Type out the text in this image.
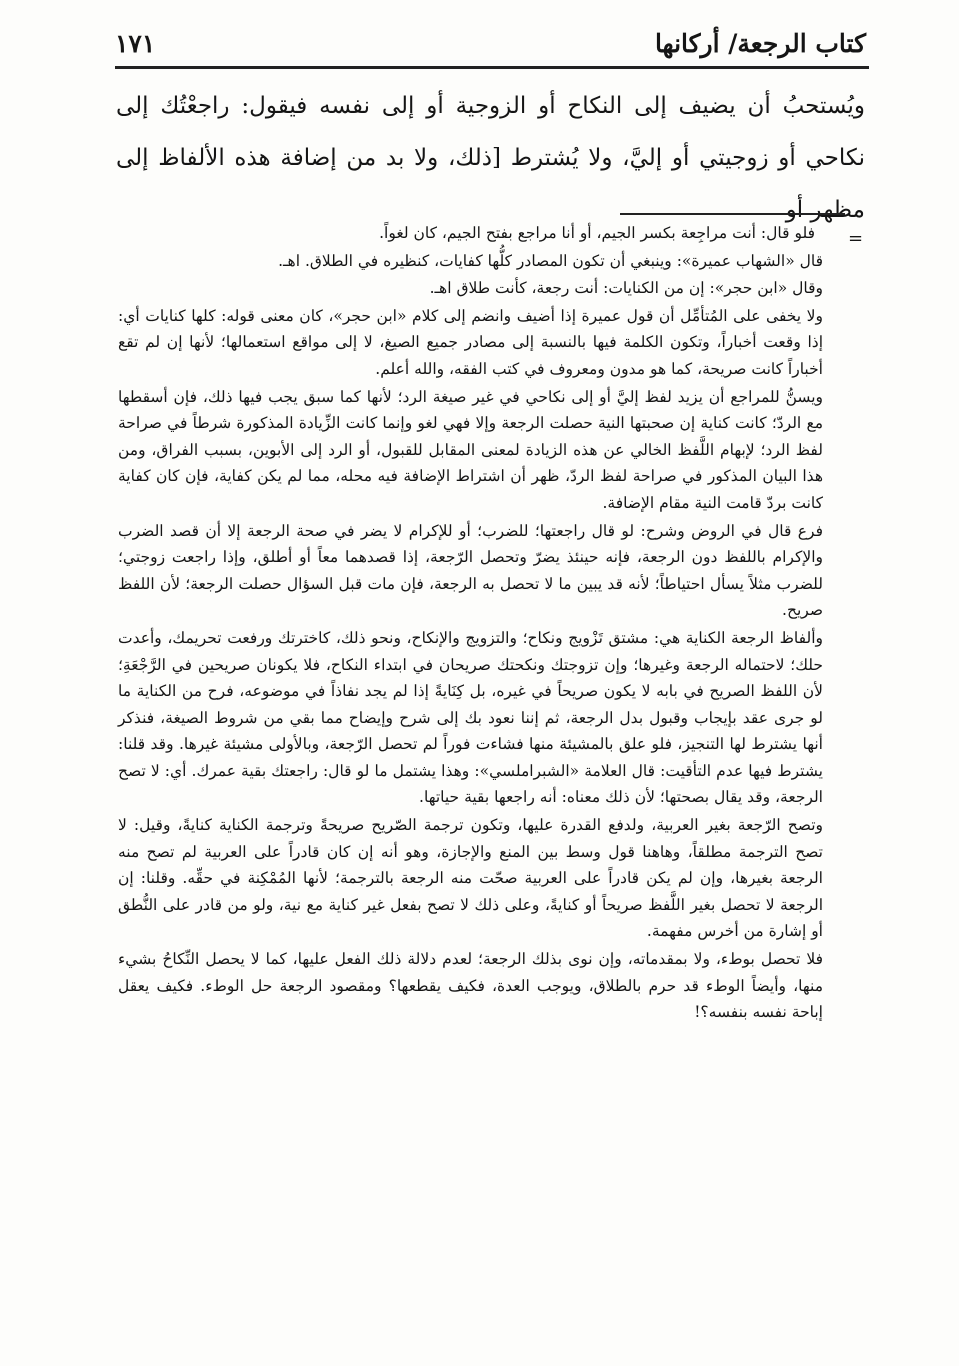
كتاب الرجعة/ أركانها
١٧١

ويُستحبُ أن يضيف إلى النكاح أو الزوجية أو إلى نفسه فيقول: راجعْتُك إلى نكاحي أو زوجيتي أو إليَّ، ولا يُشترط [ذلك، ولا بد من إضافة هذه الألفاظ إلى مظهر أو

=

فلو قال: أنت مراجِعة بكسر الجيم، أو أنا مراجع بفتح الجيم، كان لغواً.

قال «الشهاب عميرة»: وينبغي أن تكون المصادر كلُّها كفايات، كنظيره في الطلاق. اهـ.

وقال «ابن حجر»: إن من الكنايات: أنت رجعة، كأنت طلاق اهـ.

ولا يخفى على المُتأمِّل أن قول عميرة إذا أضيف وانضم إلى كلام «ابن حجر»، كان معنى قوله: كلها كنايات أي: إذا وقعت أخباراً، وتكون الكلمة فيها بالنسبة إلى مصادر جميع الصيغ، لا إلى مواقع استعمالها؛ لأنها إن لم تقع أخباراً كانت صريحة، كما هو مدون ومعروف في كتب الفقه، والله أعلم.

ويسنُّ للمراجع أن يزيد لفظ إليَّ أو إلى نكاحي في غير صيغة الرد؛ لأنها كما سبق يجب فيها ذلك، فإن أسقطها مع الردّ؛ كانت كناية إن صحبتها النية حصلت الرجعة وإلا فهي لغو وإنما كانت الزِّيادة المذكورة شرطاً في صراحة لفظ الرد؛ لإبهام اللَّفظ الخالي عن هذه الزيادة لمعنى المقابل للقبول، أو الرد إلى الأبوين، بسبب الفراق، ومن هذا البيان المذكور في صراحة لفظ الردّ، ظهر أن اشتراط الإضافة فيه محله، مما لم يكن كفاية، فإن كان كفاية كانت بردّ قامت النية مقام الإضافة.

فرع قال في الروض وشرح: لو قال راجعتها؛ للضرب؛ أو للإكرام لا يضر في صحة الرجعة إلا أن قصد الضرب والإكرام باللفظ دون الرجعة، فإنه حينئذ يضرّ وتحصل الرّجعة، إذا قصدهما معاً أو أطلق، وإذا راجعت زوجتي؛ للضرب مثلاً يسأل احتياطاً؛ لأنه قد يبين ما لا تحصل به الرجعة، فإن مات قبل السؤال حصلت الرجعة؛ لأن اللفظ صريح.

وألفاظ الرجعة الكناية هي: مشتق تَزْويج ونكاح؛ والتزويج والإنكاح، ونحو ذلك، كاخترتك ورفعت تحريمك، وأعدت حلك؛ لاحتماله الرجعة وغيرها؛ وإن تزوجتك ونكحتك صريحان في ابتداء النكاح، فلا يكونان صريحين في الرَّجْعَةِ؛ لأن اللفظ الصريح في بابه لا يكون صريحاً في غيره، بل كِنَايةً إذا لم يجد نفاذاً في موضوعه، فرح من الكناية ما لو جرى عقد بإيجاب وقبول بدل الرجعة، ثم إننا نعود بك إلى شرح وإيضاح مما بقي من شروط الصيغة، فنذكر أنها يشترط لها التنجيز، فلو علق بالمشيئة منها فشاءت فوراً لم تحصل الرّجعة، وبالأولى مشيئة غيرها. وقد قلنا: يشترط فيها عدم التأقيت: قال العلامة «الشبراملسي»: وهذا يشتمل ما لو قال: راجعتك بقية عمرك. أي: لا تصح الرجعة، وقد يقال بصحتها؛ لأن ذلك معناه: أنه راجعها بقية حياتها.

وتصح الرّجعة بغير العربية، ولدفع القدرة عليها، وتكون ترجمة الصّريح صريحةً وترجمة الكناية كنايةً، وقيل: لا تصح الترجمة مطلقاً، وهاهنا قول وسط بين المنع والإجازة، وهو أنه إن كان قادراً على العربية لم تصح منه الرجعة بغيرها، وإن لم يكن قادراً على العربية صحّت منه الرجعة بالترجمة؛ لأنها المُمْكِنة في حقِّه. وقلنا: إن الرجعة لا تحصل بغير اللَّفظ صريحاً أو كنايةً، وعلى ذلك لا تصح بفعل غير كناية مع نية، ولو من قادر على النُّطق أو إشارة من أخرس مفهمة.

فلا تحصل بوطء، ولا بمقدماته، وإن نوى بذلك الرجعة؛ لعدم دلالة ذلك الفعل عليها، كما لا يحصل النِّكاحُ بشيء منها، وأيضاً الوطء قد حرم بالطلاق، ويوجب العدة، فكيف يقطعها؟ ومقصود الرجعة حل الوطء. فكيف يعقل إباحة نفسه بنفسه؟!
